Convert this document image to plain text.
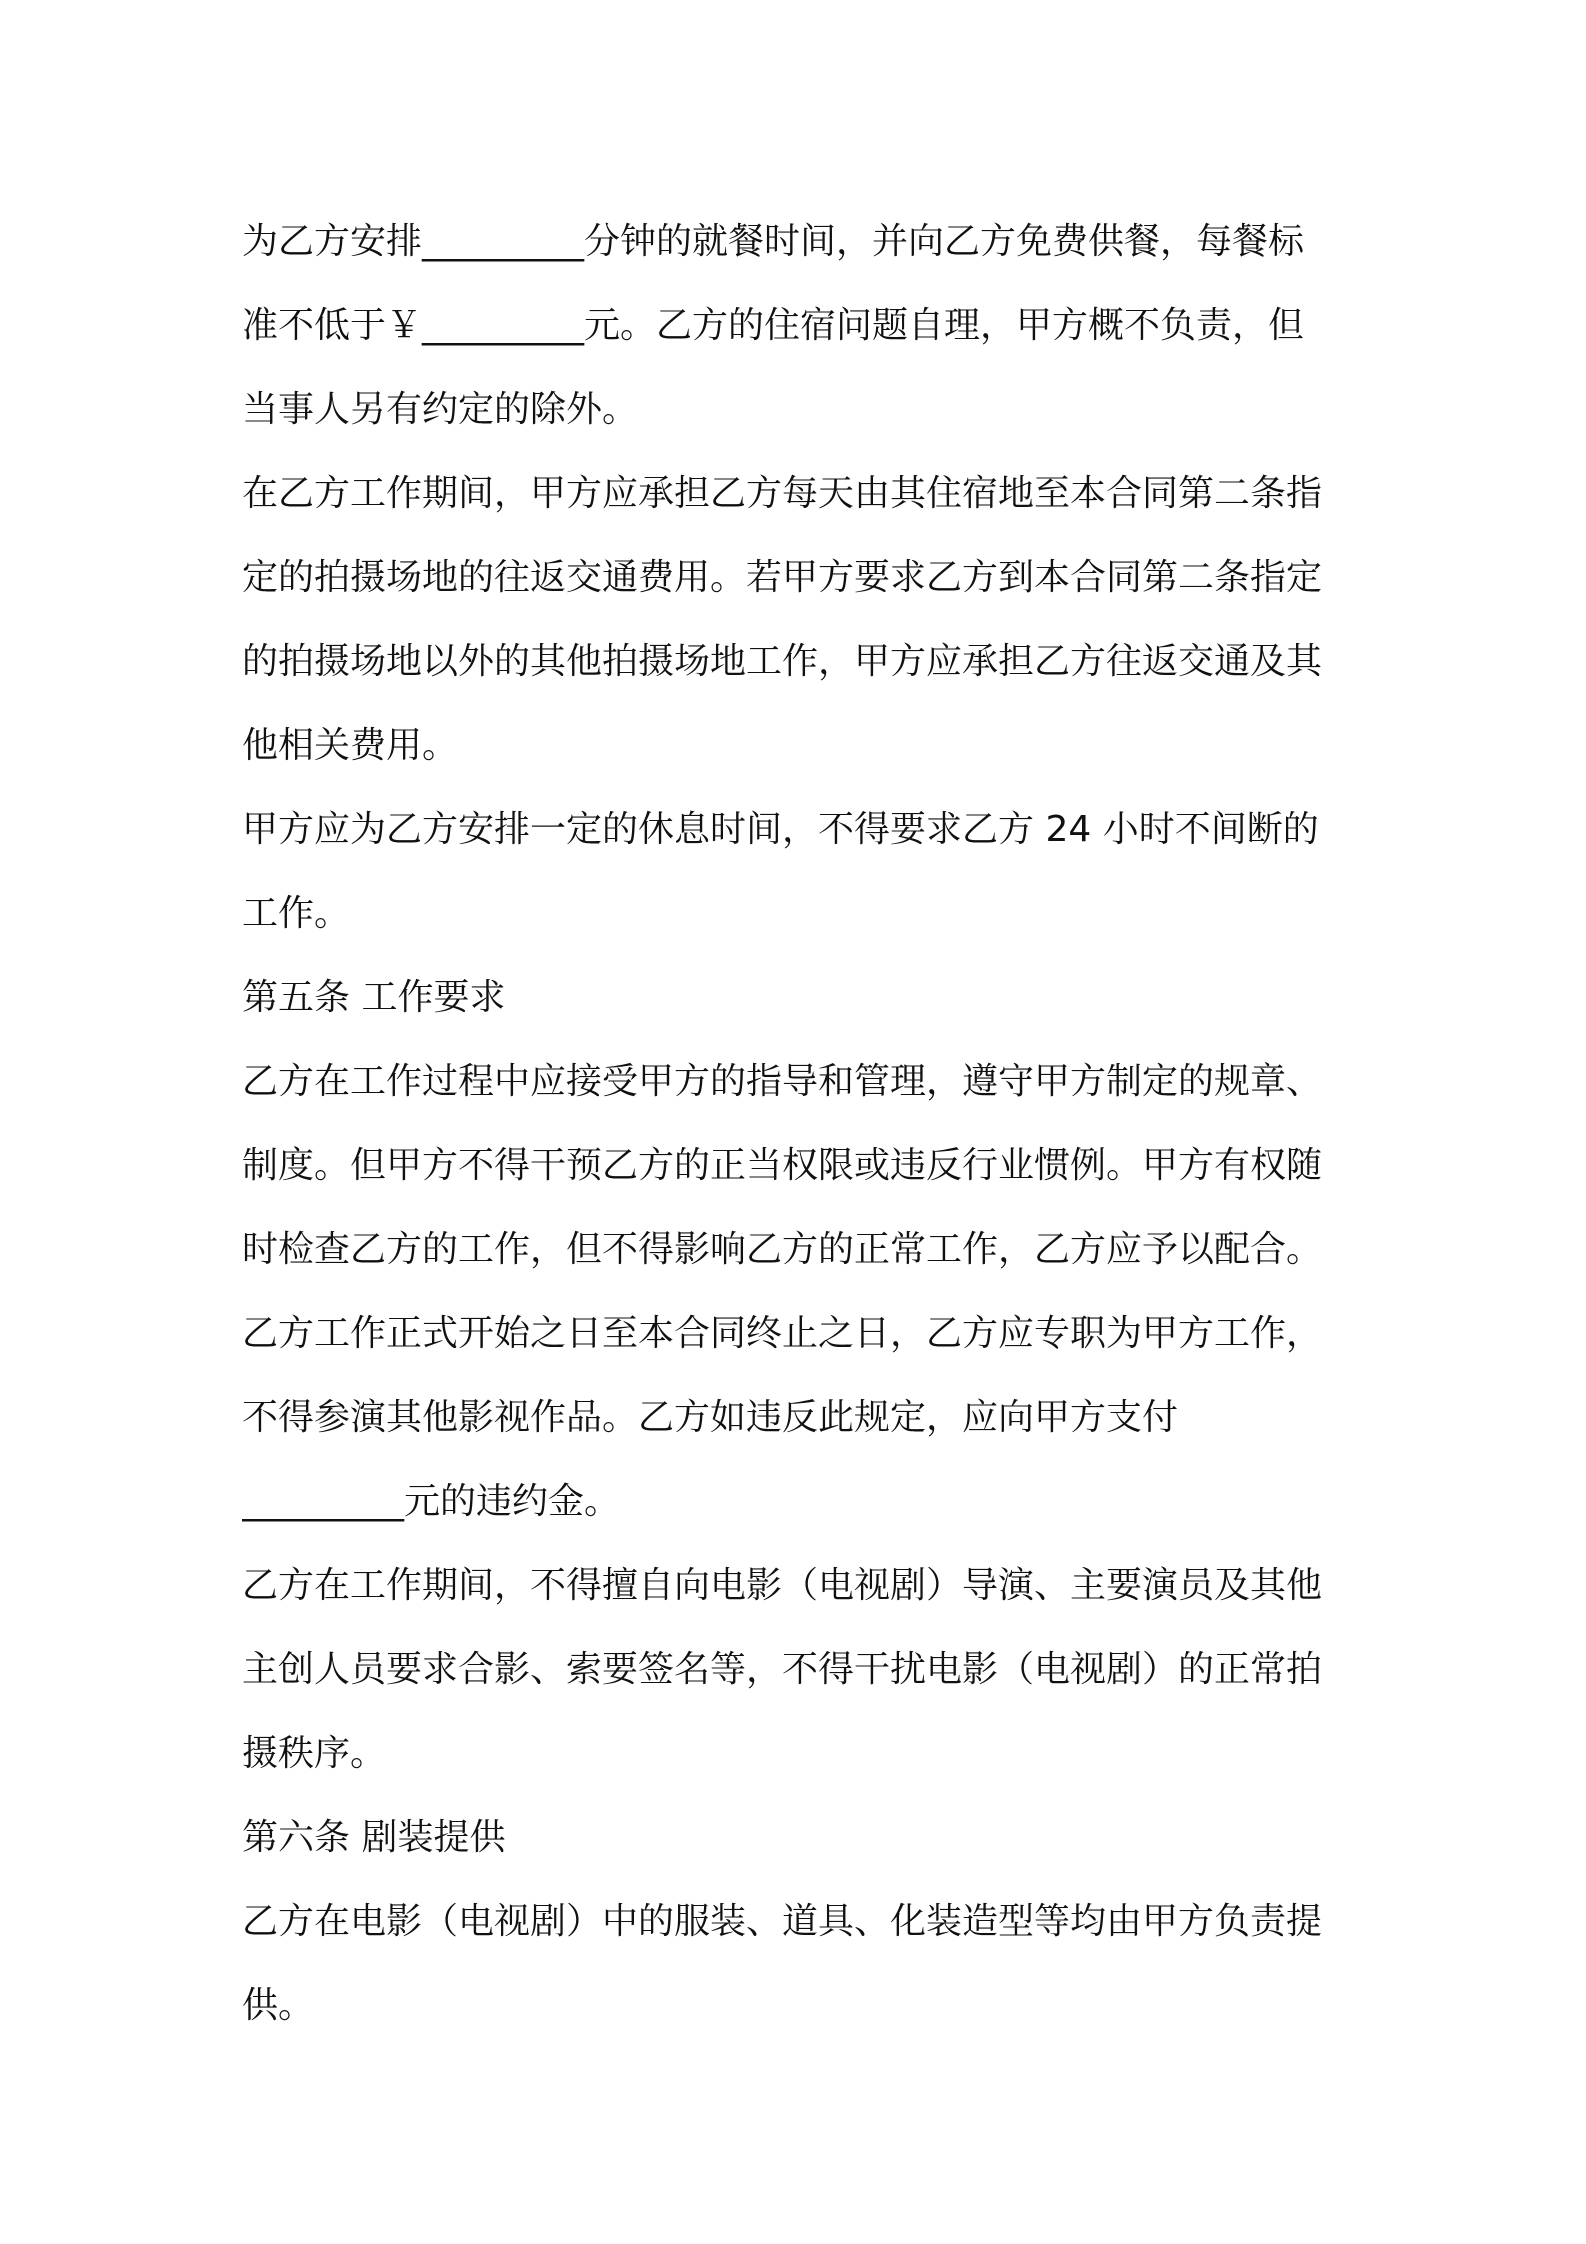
为乙方安排_________分钟的就餐时间，并向乙方免费供餐，每餐标
准不低于￥_________元。乙方的住宿问题自理，甲方概不负责，但
当事人另有约定的除外。
在乙方工作期间，甲方应承担乙方每天由其住宿地至本合同第二条指
定的拍摄场地的往返交通费用。若甲方要求乙方到本合同第二条指定
的拍摄场地以外的其他拍摄场地工作，甲方应承担乙方往返交通及其
他相关费用。
甲方应为乙方安排一定的休息时间，不得要求乙方 24 小时不间断的
工作。
第五条 工作要求
乙方在工作过程中应接受甲方的指导和管理，遵守甲方制定的规章、
制度。但甲方不得干预乙方的正当权限或违反行业惯例。甲方有权随
时检查乙方的工作，但不得影响乙方的正常工作，乙方应予以配合。
乙方工作正式开始之日至本合同终止之日，乙方应专职为甲方工作，
不得参演其他影视作品。乙方如违反此规定，应向甲方支付
_________元的违约金。
乙方在工作期间，不得擅自向电影（电视剧）导演、主要演员及其他
主创人员要求合影、索要签名等，不得干扰电影（电视剧）的正常拍
摄秩序。
第六条 剧装提供
乙方在电影（电视剧）中的服装、道具、化装造型等均由甲方负责提
供。
